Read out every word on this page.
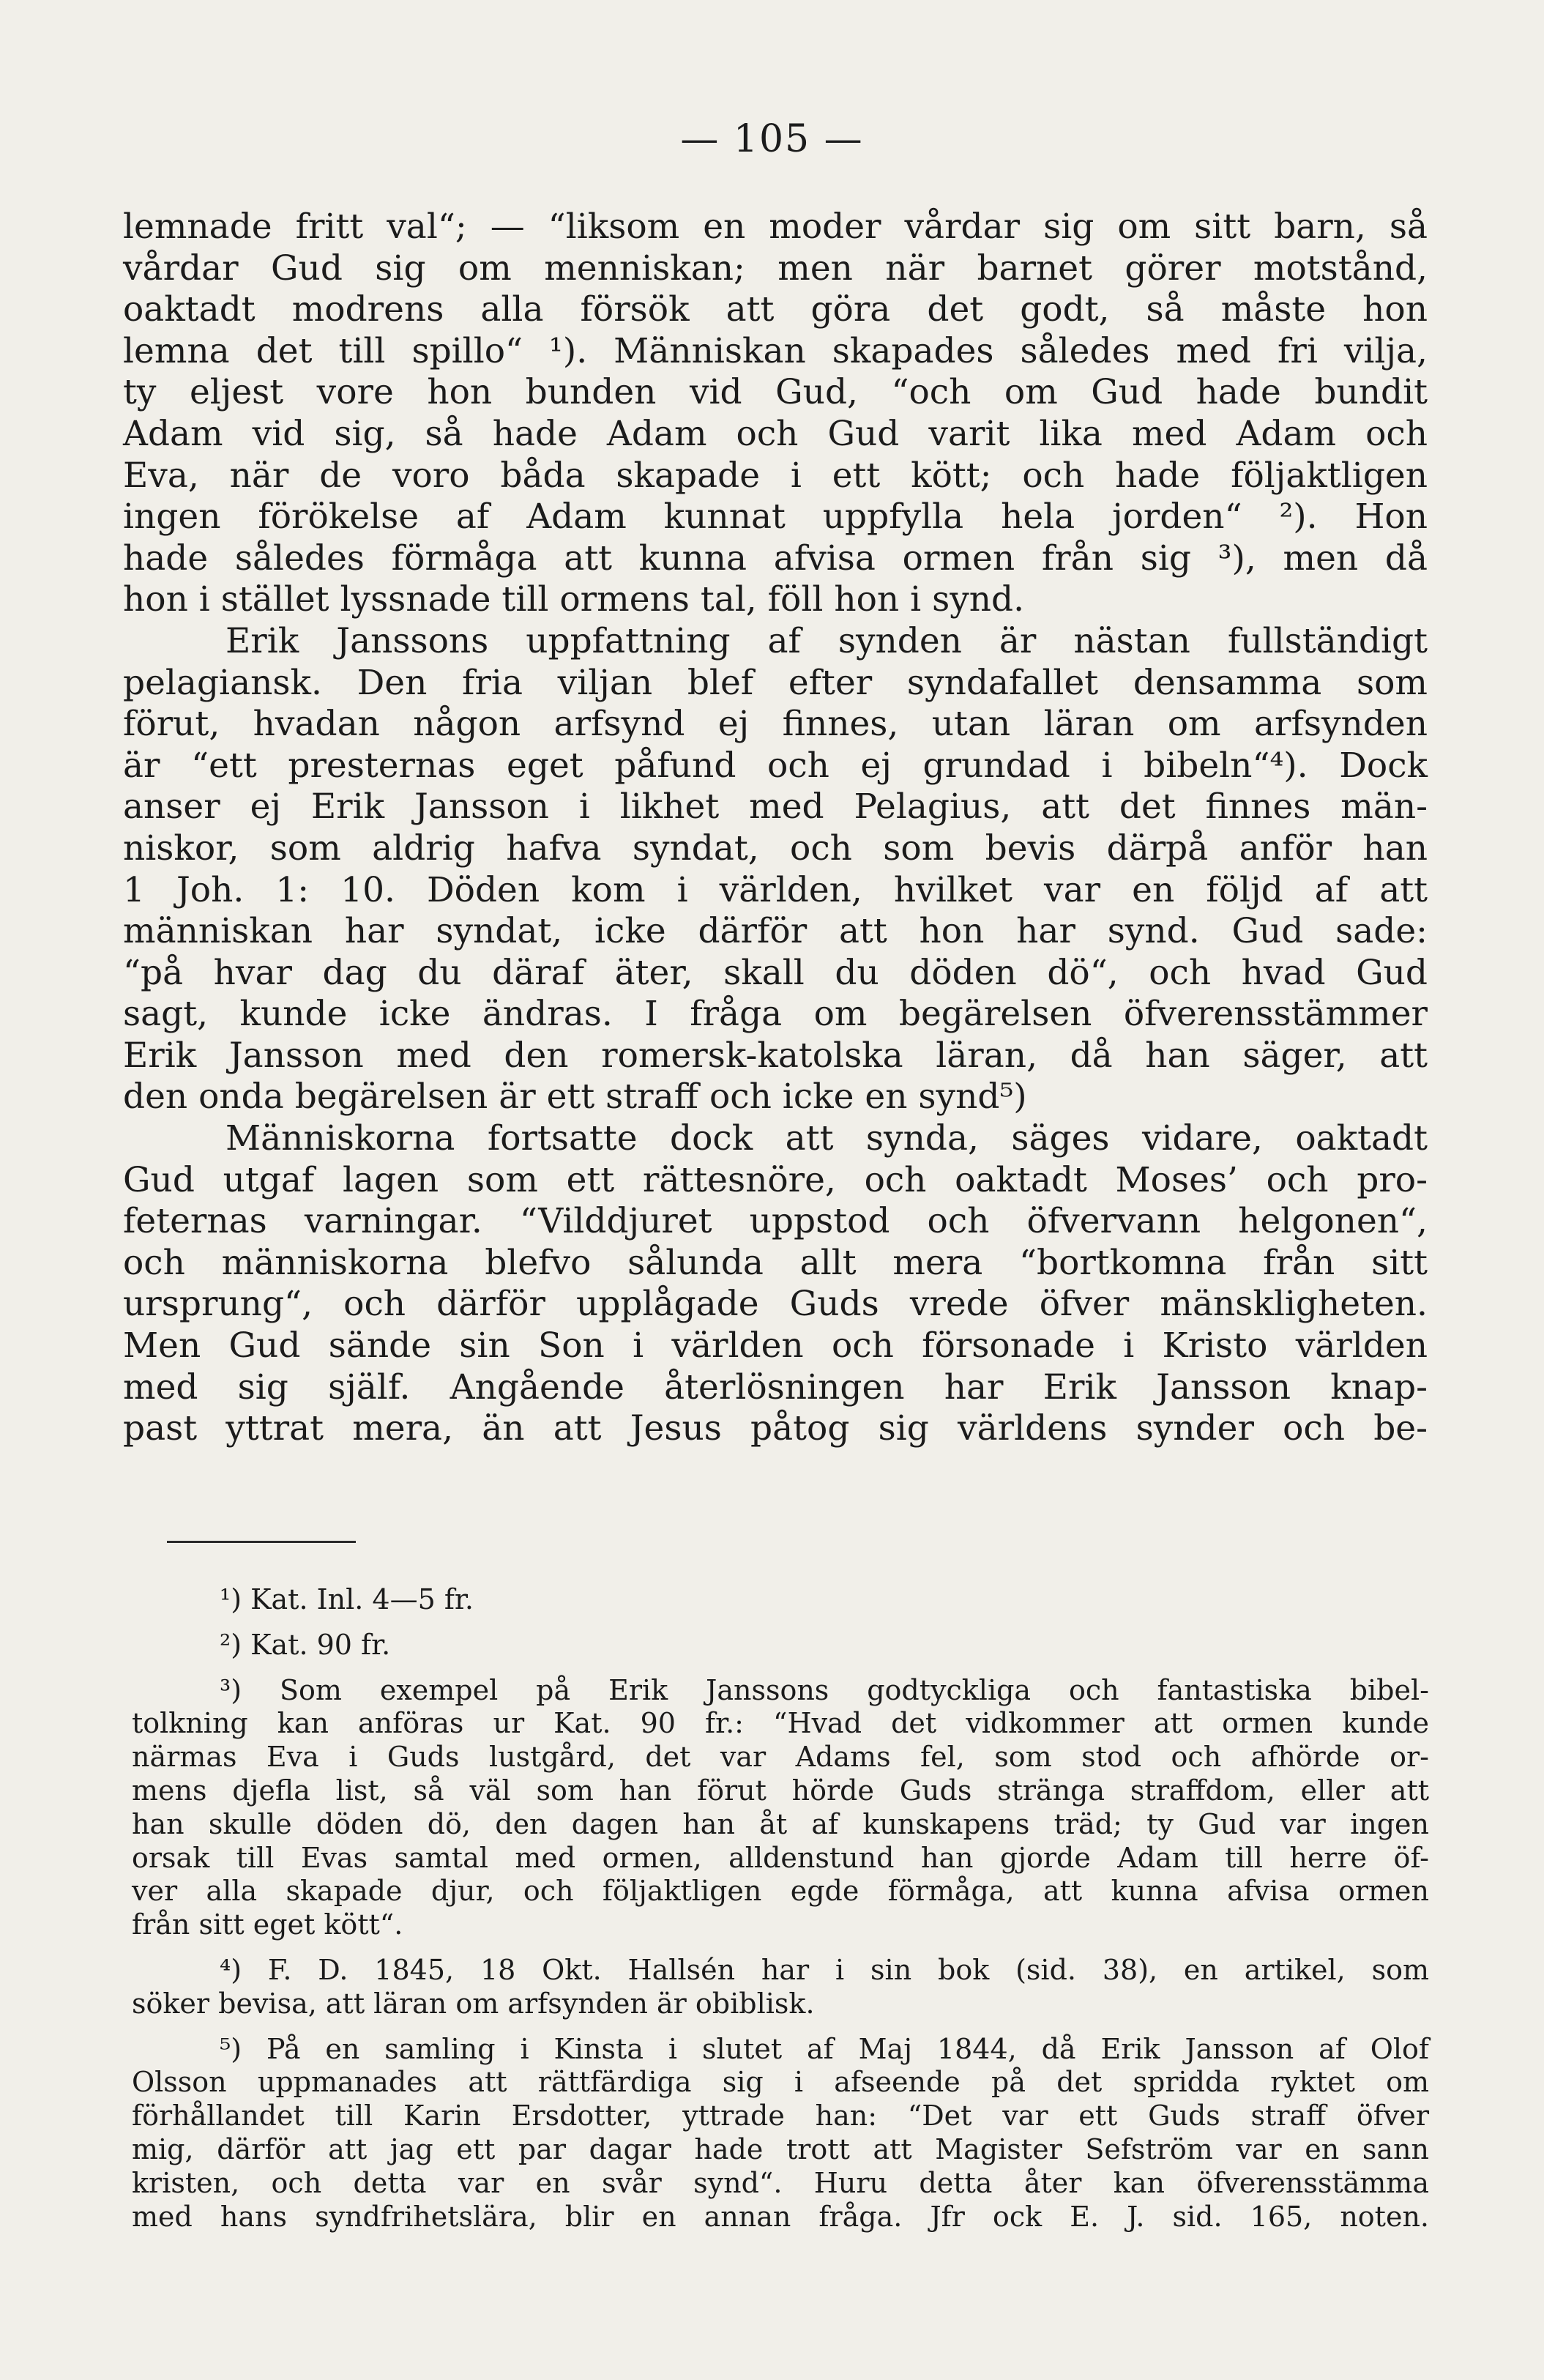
— 105 —
lemnade fritt val“; — “liksom en moder vårdar sig om sitt barn, så
vårdar Gud sig om menniskan; men när barnet görer motstånd,
oaktadt modrens alla försök att göra det godt, så måste hon
lemna det till spillo“ ¹). Människan skapades således med fri vilja,
ty eljest vore hon bunden vid Gud, “och om Gud hade bundit
Adam vid sig, så hade Adam och Gud varit lika med Adam och
Eva, när de voro båda skapade i ett kött; och hade följaktligen
ingen förökelse af Adam kunnat uppfylla hela jorden“ ²). Hon
hade således förmåga att kunna afvisa ormen från sig ³), men då
hon i stället lyssnade till ormens tal, föll hon i synd.
Erik Janssons uppfattning af synden är nästan fullständigt
pelagiansk. Den fria viljan blef efter syndafallet densamma som
förut, hvadan någon arfsynd ej finnes, utan läran om arfsynden
är “ett presternas eget påfund och ej grundad i bibeln“⁴). Dock
anser ej Erik Jansson i likhet med Pelagius, att det finnes män-
niskor, som aldrig hafva syndat, och som bevis därpå anför han
1 Joh. 1: 10. Döden kom i världen, hvilket var en följd af att
människan har syndat, icke därför att hon har synd. Gud sade:
“på hvar dag du däraf äter, skall du döden dö“, och hvad Gud
sagt, kunde icke ändras. I fråga om begärelsen öfverensstämmer
Erik Jansson med den romersk-katolska läran, då han säger, att
den onda begärelsen är ett straff och icke en synd⁵)
Människorna fortsatte dock att synda, säges vidare, oaktadt
Gud utgaf lagen som ett rättesnöre, och oaktadt Moses’ och pro-
feternas varningar. “Vilddjuret uppstod och öfvervann helgonen“,
och människorna blefvo sålunda allt mera “bortkomna från sitt
ursprung“, och därför upplågade Guds vrede öfver mänskligheten.
Men Gud sände sin Son i världen och försonade i Kristo världen
med sig själf. Angående återlösningen har Erik Jansson knap-
past yttrat mera, än att Jesus påtog sig världens synder och be-
¹) Kat. Inl. 4—5 fr.
²) Kat. 90 fr.
³) Som exempel på Erik Janssons godtyckliga och fantastiska bibel-
tolkning kan anföras ur Kat. 90 fr.: “Hvad det vidkommer att ormen kunde
närmas Eva i Guds lustgård, det var Adams fel, som stod och afhörde or-
mens djefla list, så väl som han förut hörde Guds stränga straffdom, eller att
han skulle döden dö, den dagen han åt af kunskapens träd; ty Gud var ingen
orsak till Evas samtal med ormen, alldenstund han gjorde Adam till herre öf-
ver alla skapade djur, och följaktligen egde förmåga, att kunna afvisa ormen
från sitt eget kött“.
⁴) F. D. 1845, 18 Okt. Hallsén har i sin bok (sid. 38), en artikel, som
söker bevisa, att läran om arfsynden är obiblisk.
⁵) På en samling i Kinsta i slutet af Maj 1844, då Erik Jansson af Olof
Olsson uppmanades att rättfärdiga sig i afseende på det spridda ryktet om
förhållandet till Karin Ersdotter, yttrade han: “Det var ett Guds straff öfver
mig, därför att jag ett par dagar hade trott att Magister Sefström var en sann
kristen, och detta var en svår synd“. Huru detta åter kan öfverensstämma
med hans syndfrihetslära, blir en annan fråga. Jfr ock E. J. sid. 165, noten.
